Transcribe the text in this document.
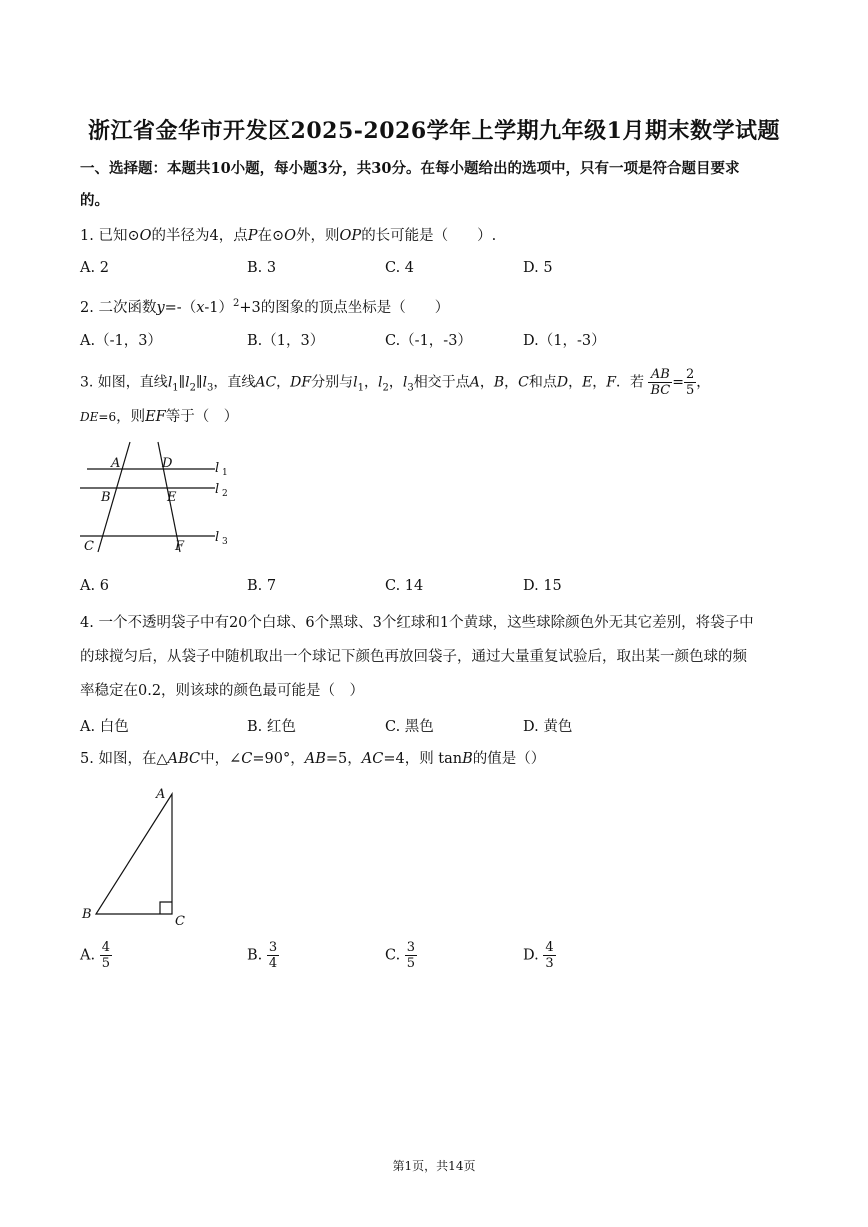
浙江省金华市开发区2025-2026学年上学期九年级1月期末数学试题
一、选择题：本题共10小题，每小题3分，共30分。在每小题给出的选项中，只有一项是符合题目要求
的。
1. 已知⊙O的半径为4，点P在⊙O外，则OP的长可能是（　　）.
A. 2	B. 3	C. 4	D. 5
2. 二次函数$y=-(x-1)^2+3$的图象的顶点坐标是（　　）
A.（-1，3）	B.（1，3）	C.（-1，-3）	D.（1，-3）
3. 如图，直线$l_1\parallel l_2\parallel l_3$，直线AC，DF分别与$l_1$，$l_2$，$l_3$相交于点A，B，C和点D，E，F．若 $\frac{AB}{BC} = \frac{2}{5}$ ，
DE=6，则EF等于（　）
A	D	l 1
B	E
l 2
C	F
l 3
A. 6	B. 7	C. 14	D. 15
4. 一个不透明袋子中有20个白球、6个黑球、3个红球和1个黄球，这些球除颜色外无其它差别，将袋子中
的球搅匀后，从袋子中随机取出一个球记下颜色再放回袋子，通过大量重复试验后，取出某一颜色球的频
率稳定在0.2，则该球的颜色最可能是（　）
A. 白色	B. 红色	C. 黑色	D. 黄色
5. 如图，在△ABC中，∠C=90°，AB=5，AC=4，则 tanB的值是（）
A
B	C
A. $\frac{4}{5}$	B. $\frac{3}{4}$	C. $\frac{3}{5}$	D. $\frac{4}{3}$
第1页，共14页
